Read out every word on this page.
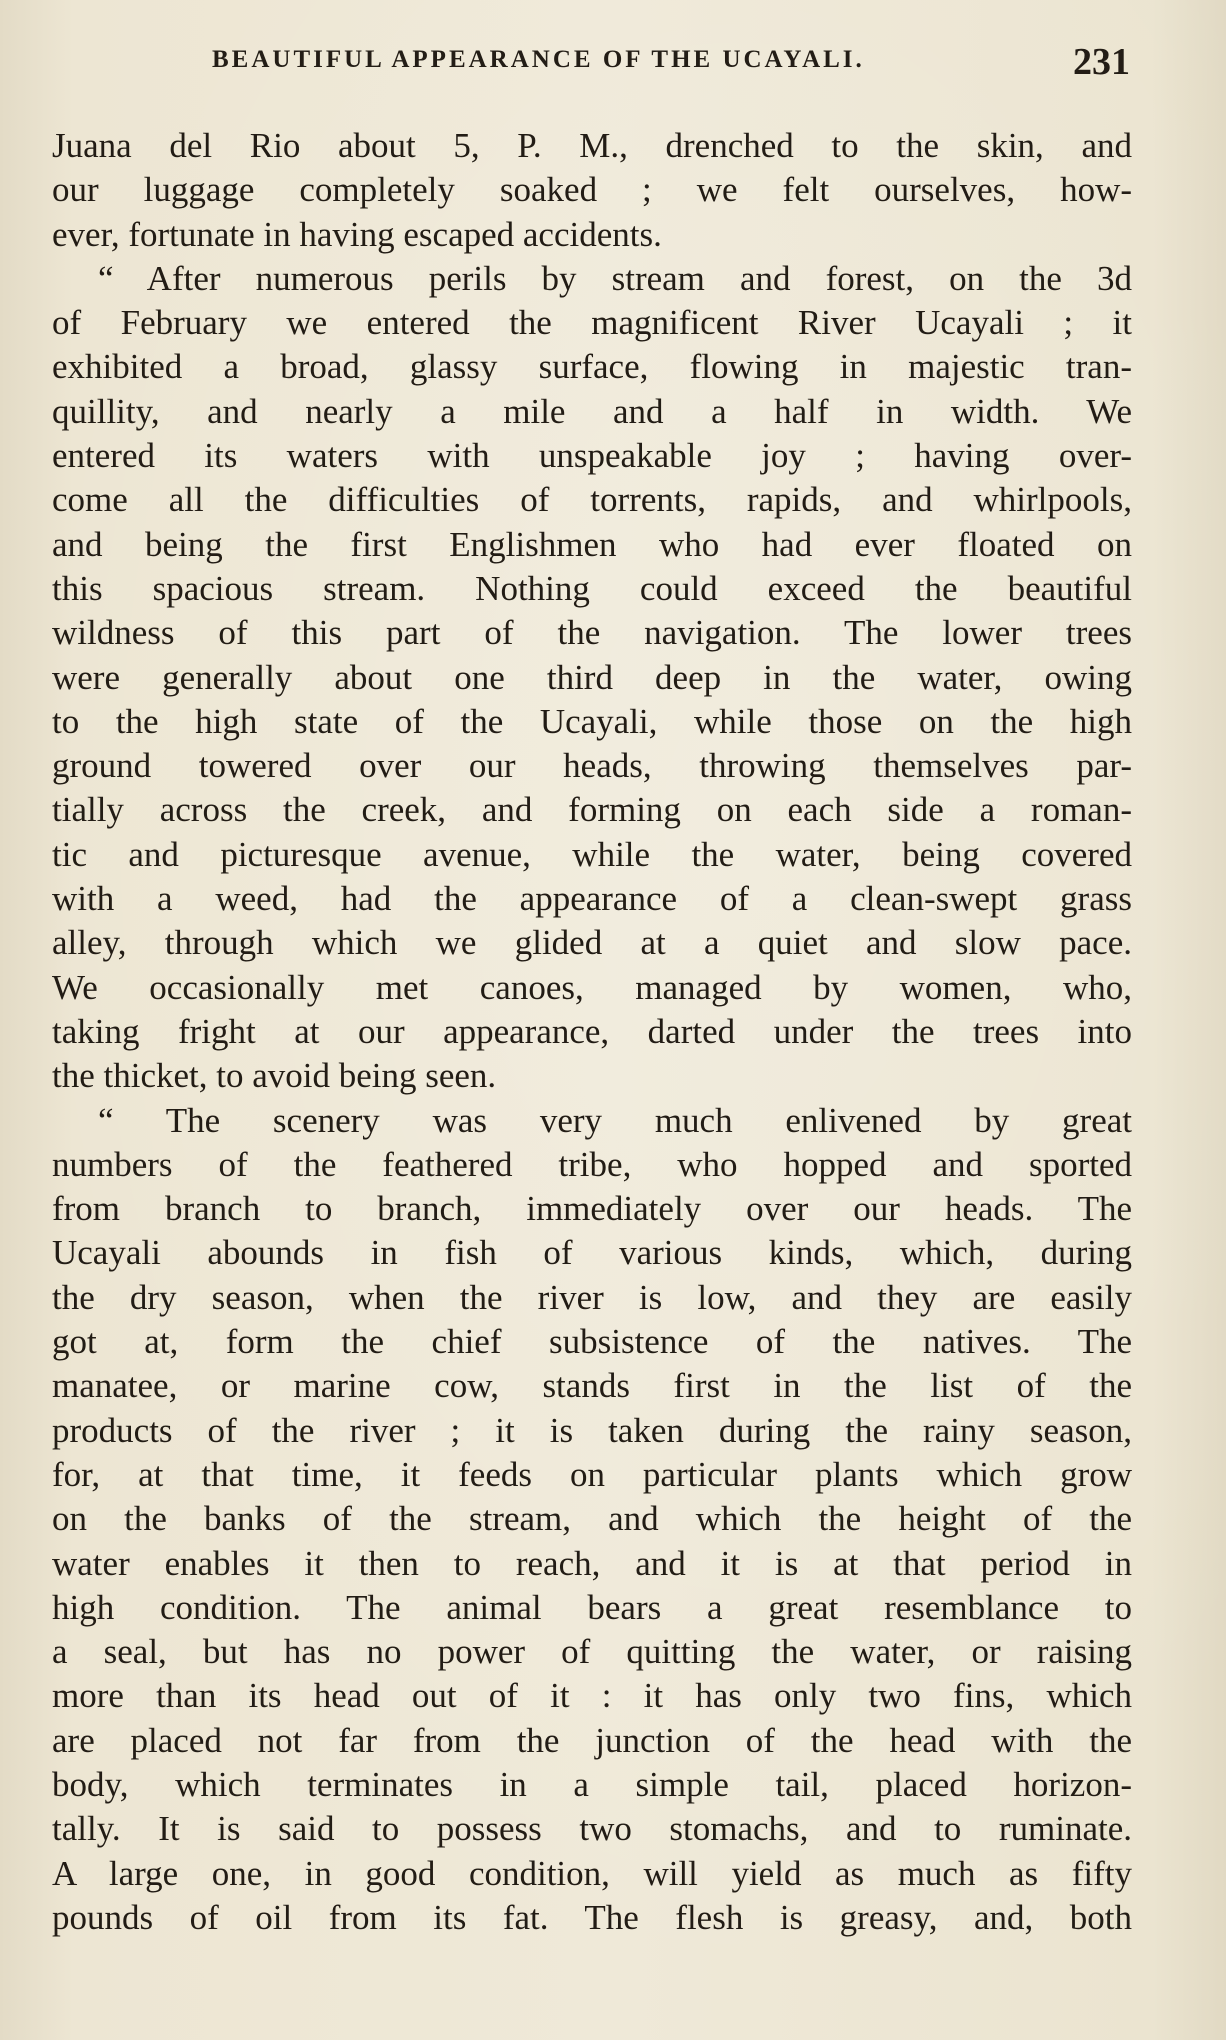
BEAUTIFUL APPEARANCE OF THE UCAYALI.	231
Juana del Rio about 5, P. M., drenched to the skin, and
our luggage completely soaked ; we felt ourselves, how-
ever, fortunate in having escaped accidents.
“ After numerous perils by stream and forest, on the 3d
of February we entered the magnificent River Ucayali ; it
exhibited a broad, glassy surface, flowing in majestic tran-
quillity, and nearly a mile and a half in width. We
entered its waters with unspeakable joy ; having over-
come all the difficulties of torrents, rapids, and whirlpools,
and being the first Englishmen who had ever floated on
this spacious stream. Nothing could exceed the beautiful
wildness of this part of the navigation. The lower trees
were generally about one third deep in the water, owing
to the high state of the Ucayali, while those on the high
ground towered over our heads, throwing themselves par-
tially across the creek, and forming on each side a roman-
tic and picturesque avenue, while the water, being covered
with a weed, had the appearance of a clean-swept grass
alley, through which we glided at a quiet and slow pace.
We occasionally met canoes, managed by women, who,
taking fright at our appearance, darted under the trees into
the thicket, to avoid being seen.
“ The scenery was very much enlivened by great
numbers of the feathered tribe, who hopped and sported
from branch to branch, immediately over our heads. The
Ucayali abounds in fish of various kinds, which, during
the dry season, when the river is low, and they are easily
got at, form the chief subsistence of the natives. The
manatee, or marine cow, stands first in the list of the
products of the river ; it is taken during the rainy season,
for, at that time, it feeds on particular plants which grow
on the banks of the stream, and which the height of the
water enables it then to reach, and it is at that period in
high condition. The animal bears a great resemblance to
a seal, but has no power of quitting the water, or raising
more than its head out of it : it has only two fins, which
are placed not far from the junction of the head with the
body, which terminates in a simple tail, placed horizon-
tally. It is said to possess two stomachs, and to ruminate.
A large one, in good condition, will yield as much as fifty
pounds of oil from its fat. The flesh is greasy, and, both
